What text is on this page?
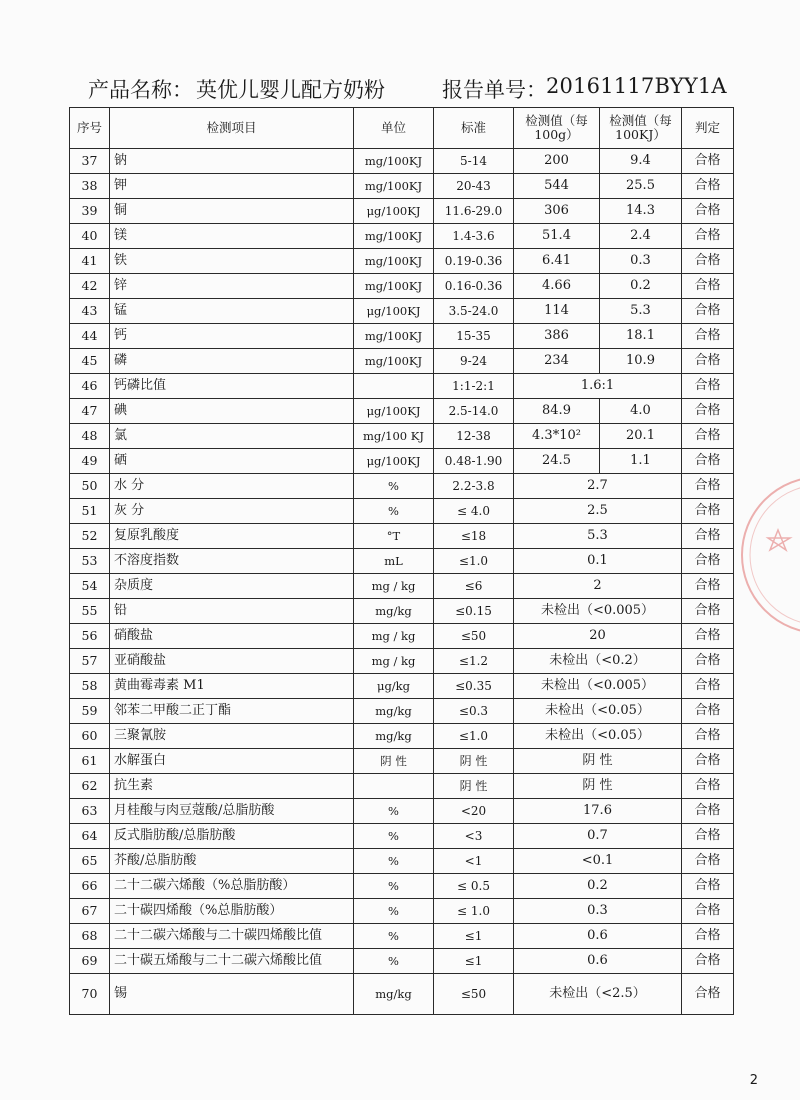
产品名称： 英优儿婴儿配方奶粉	报告单号： 20161117BYY1A
序号	检测项目	单位	标准	检测值（每100g）	检测值（每100KJ）	判定
37	钠	mg/100KJ	5-14	200	9.4	合格
38	钾	mg/100KJ	20-43	544	25.5	合格
39	铜	μg/100KJ	11.6-29.0	306	14.3	合格
40	镁	mg/100KJ	1.4-3.6	51.4	2.4	合格
41	铁	mg/100KJ	0.19-0.36	6.41	0.3	合格
42	锌	mg/100KJ	0.16-0.36	4.66	0.2	合格
43	锰	μg/100KJ	3.5-24.0	114	5.3	合格
44	钙	mg/100KJ	15-35	386	18.1	合格
45	磷	mg/100KJ	9-24	234	10.9	合格
46	钙磷比值		1:1-2:1	1.6:1		合格
47	碘	μg/100KJ	2.5-14.0	84.9	4.0	合格
48	氯	mg/100 KJ	12-38	4.3*10²	20.1	合格
49	硒	μg/100KJ	0.48-1.90	24.5	1.1	合格
50	水 分	%	2.2-3.8	2.7		合格
51	灰 分	%	≤ 4.0	2.5		合格
52	复原乳酸度	°T	≤18	5.3		合格
53	不溶度指数	mL	≤1.0	0.1		合格
54	杂质度	mg / kg	≤6	2		合格
55	铅	mg/kg	≤0.15	未检出（<0.005）		合格
56	硝酸盐	mg / kg	≤50	20		合格
57	亚硝酸盐	mg / kg	≤1.2	未检出（<0.2）		合格
58	黄曲霉毒素 M1	μg/kg	≤0.35	未检出（<0.005）		合格
59	邻苯二甲酸二正丁酯	mg/kg	≤0.3	未检出（<0.05）		合格
60	三聚氰胺	mg/kg	≤1.0	未检出（<0.05）		合格
61	水解蛋白	阴 性	阴 性	阴 性		合格
62	抗生素		阴 性	阴 性		合格
63	月桂酸与肉豆蔻酸/总脂肪酸	%	<20	17.6		合格
64	反式脂肪酸/总脂肪酸	%	<3	0.7		合格
65	芥酸/总脂肪酸	%	<1	<0.1		合格
66	二十二碳六烯酸（%总脂肪酸）	%	≤ 0.5	0.2		合格
67	二十碳四烯酸（%总脂肪酸）	%	≤ 1.0	0.3		合格
68	二十二碳六烯酸与二十碳四烯酸比值	%	≤1	0.6		合格
69	二十碳五烯酸与二十二碳六烯酸比值	%	≤1	0.6		合格
70	锡	mg/kg	≤50	未检出（<2.5）		合格
2
